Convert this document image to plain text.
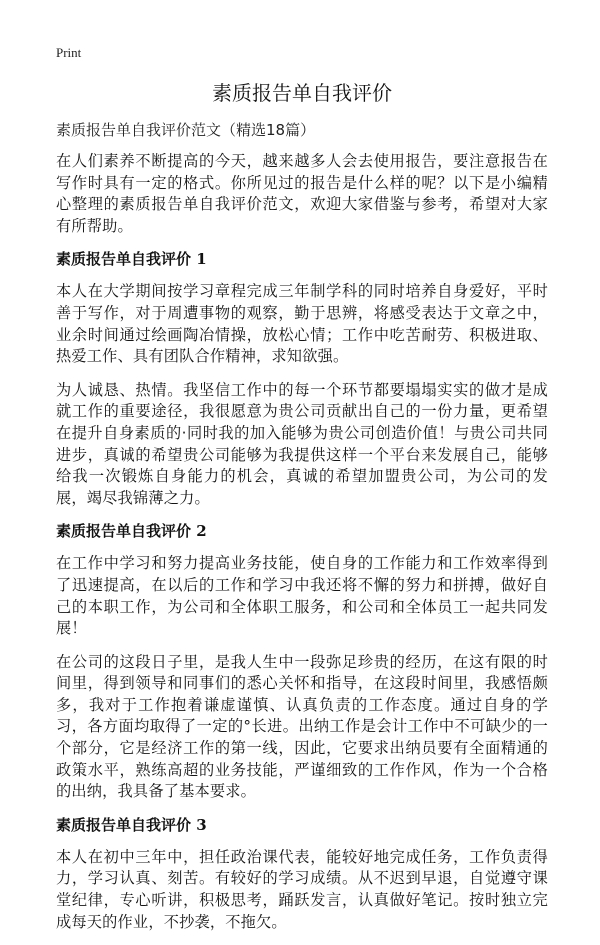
Print
素质报告单自我评价

素质报告单自我评价范文（精选18篇）

在人们素养不断提高的今天，越来越多人会去使用报告，要注意报告在写作时具有一定的格式。你所见过的报告是什么样的呢？以下是小编精心整理的素质报告单自我评价范文，欢迎大家借鉴与参考，希望对大家有所帮助。

素质报告单自我评价 1

本人在大学期间按学习章程完成三年制学科的同时培养自身爱好，平时善于写作，对于周遭事物的观察，勤于思辨，将感受表达于文章之中，业余时间通过绘画陶冶情操，放松心情；工作中吃苦耐劳、积极进取、热爱工作、具有团队合作精神，求知欲强。

为人诚恳、热情。我坚信工作中的每一个环节都要塌塌实实的做才是成就工作的重要途径，我很愿意为贵公司贡献出自己的一份力量，更希望在提升自身素质的·同时我的加入能够为贵公司创造价值！与贵公司共同进步，真诚的希望贵公司能够为我提供这样一个平台来发展自己，能够给我一次锻炼自身能力的机会，真诚的希望加盟贵公司，为公司的发展，竭尽我锦薄之力。

素质报告单自我评价 2

在工作中学习和努力提高业务技能，使自身的工作能力和工作效率得到了迅速提高，在以后的工作和学习中我还将不懈的努力和拼搏，做好自己的本职工作，为公司和全体职工服务，和公司和全体员工一起共同发展！

在公司的这段日子里，是我人生中一段弥足珍贵的经历，在这有限的时间里，得到领导和同事们的悉心关怀和指导，在这段时间里，我感悟颇多，我对于工作抱着谦虚谨慎、认真负责的工作态度。通过自身的学习，各方面均取得了一定的°长进。出纳工作是会计工作中不可缺少的一个部分，它是经济工作的第一线，因此，它要求出纳员要有全面精通的政策水平，熟练高超的业务技能，严谨细致的工作作风，作为一个合格的出纳，我具备了基本要求。

素质报告单自我评价 3

本人在初中三年中，担任政治课代表，能较好地完成任务，工作负责得力，学习认真、刻苦。有较好的学习成绩。从不迟到早退，自觉遵守课堂纪律，专心听讲，积极思考，踊跃发言，认真做好笔记。按时独立完成每天的作业，不抄袭，不拖欠。
